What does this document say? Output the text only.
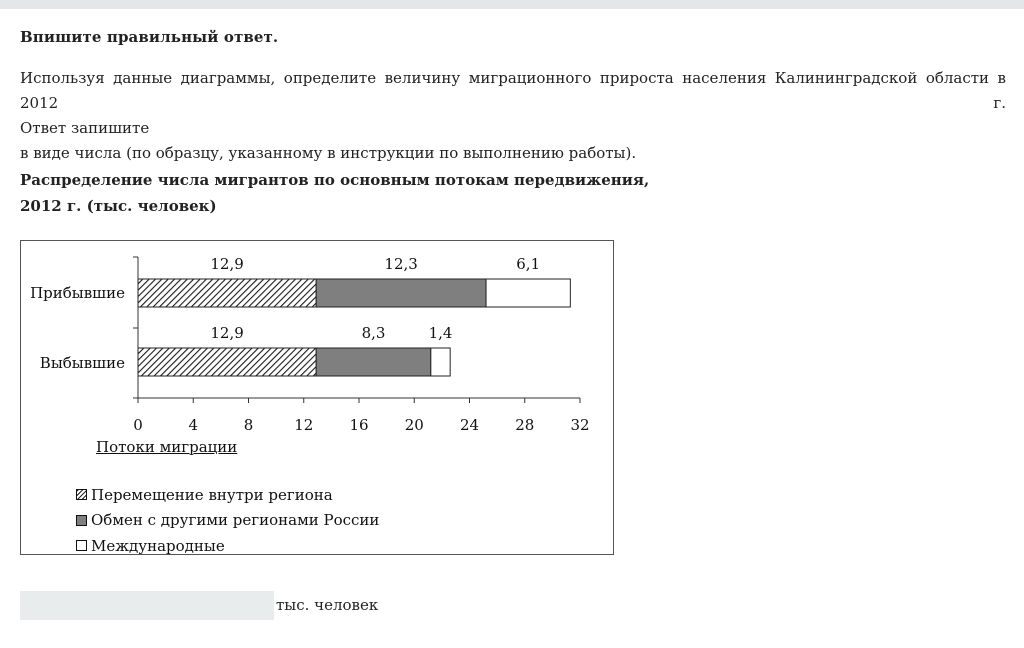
Впишите правильный ответ.

Используя данные диаграммы, определите величину миграционного прироста населения Калининградской области в 2012 г.
Ответ запишите
в виде числа (по образцу, указанному в инструкции по выполнению работы).

Распределение числа мигрантов по основным потокам передвижения,
2012 г. (тыс. человек)

0	4	8	12 16 20 24 28 32
Прибывшие
Выбывшие
12,9	12,3	6,1
12,9	8,3	1,4

Потоки миграции

Перемещение внутри региона
Обмен с другими регионами России
Международные
тыс. человек
